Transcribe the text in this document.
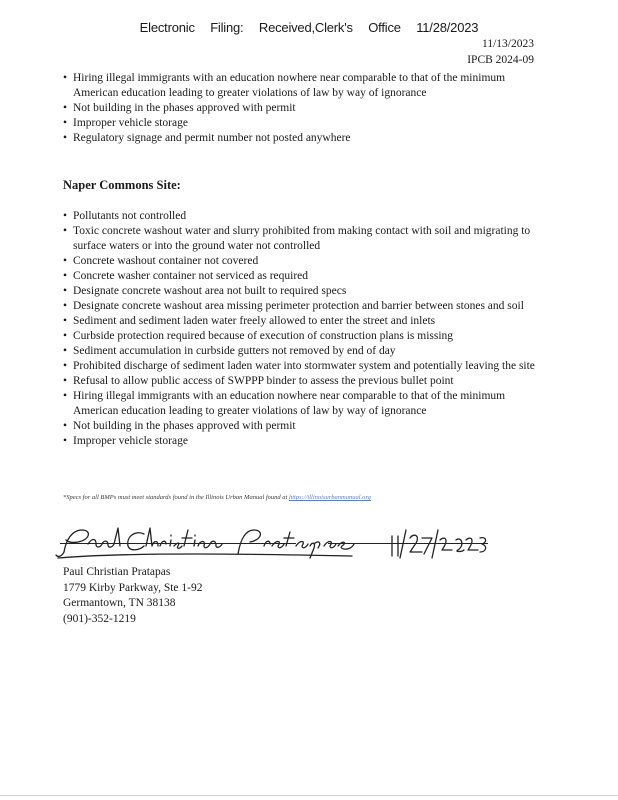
Electronic Filing: Received,Clerk's Office 11/28/2023
11/13/2023
IPCB 2024-09
• Hiring illegal immigrants with an education nowhere near comparable to that of the minimum American education leading to greater violations of law by way of ignorance
• Not building in the phases approved with permit
• Improper vehicle storage
• Regulatory signage and permit number not posted anywhere
Naper Commons Site:
• Pollutants not controlled
• Toxic concrete washout water and slurry prohibited from making contact with soil and migrating to surface waters or into the ground water not controlled
• Concrete washout container not covered
• Concrete washer container not serviced as required
• Designate concrete washout area not built to required specs
• Designate concrete washout area missing perimeter protection and barrier between stones and soil
• Sediment and sediment laden water freely allowed to enter the street and inlets
• Curbside protection required because of execution of construction plans is missing
• Sediment accumulation in curbside gutters not removed by end of day
• Prohibited discharge of sediment laden water into stormwater system and potentially leaving the site
• Refusal to allow public access of SWPPP binder to assess the previous bullet point
• Hiring illegal immigrants with an education nowhere near comparable to that of the minimum American education leading to greater violations of law by way of ignorance
• Not building in the phases approved with permit
• Improper vehicle storage
*Specs for all BMPs must meet standards found in the Illinois Urban Manual found at https://illinoisurbanmanual.org
Paul Christian Pratapas
1779 Kirby Parkway, Ste 1-92
Germantown, TN 38138
(901)-352-1219
